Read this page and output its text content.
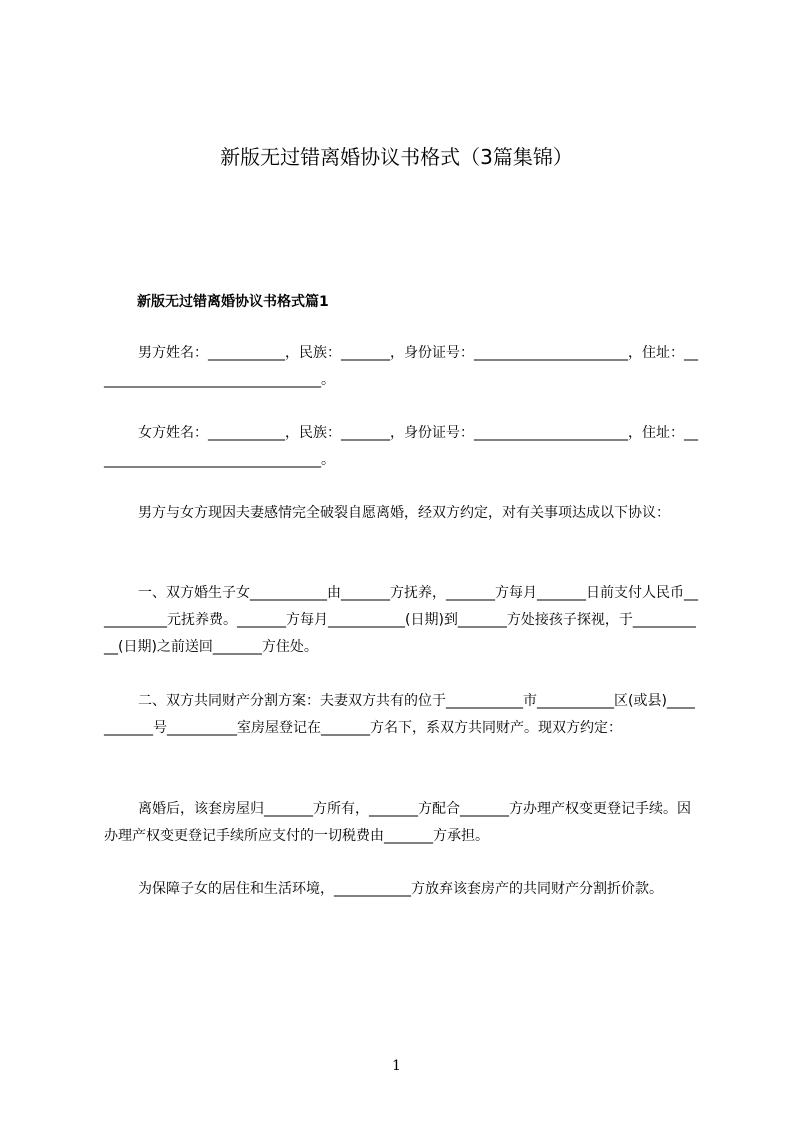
新版无过错离婚协议书格式（3篇集锦）
新版无过错离婚协议书格式篇1
男方姓名：___________，民族：_______，身份证号：______________________，住址：_________________________________。
女方姓名：___________，民族：_______，身份证号：______________________，住址：_________________________________。
男方与女方现因夫妻感情完全破裂自愿离婚，经双方约定，对有关事项达成以下协议：
一、双方婚生子女___________由_______方抚养，_______方每月_______日前支付人民币___________元抚养费。_______方每月___________(日期)到_______方处接孩子探视，于___________(日期)之前送回_______方住处。
二、双方共同财产分割方案：夫妻双方共有的位于___________市___________区(或县)___________号__________室房屋登记在_______方名下，系双方共同财产。现双方约定：
离婚后，该套房屋归_______方所有，_______方配合_______方办理产权变更登记手续。因办理产权变更登记手续所应支付的一切税费由_______方承担。
为保障子女的居住和生活环境，___________方放弃该套房产的共同财产分割折价款。
1
